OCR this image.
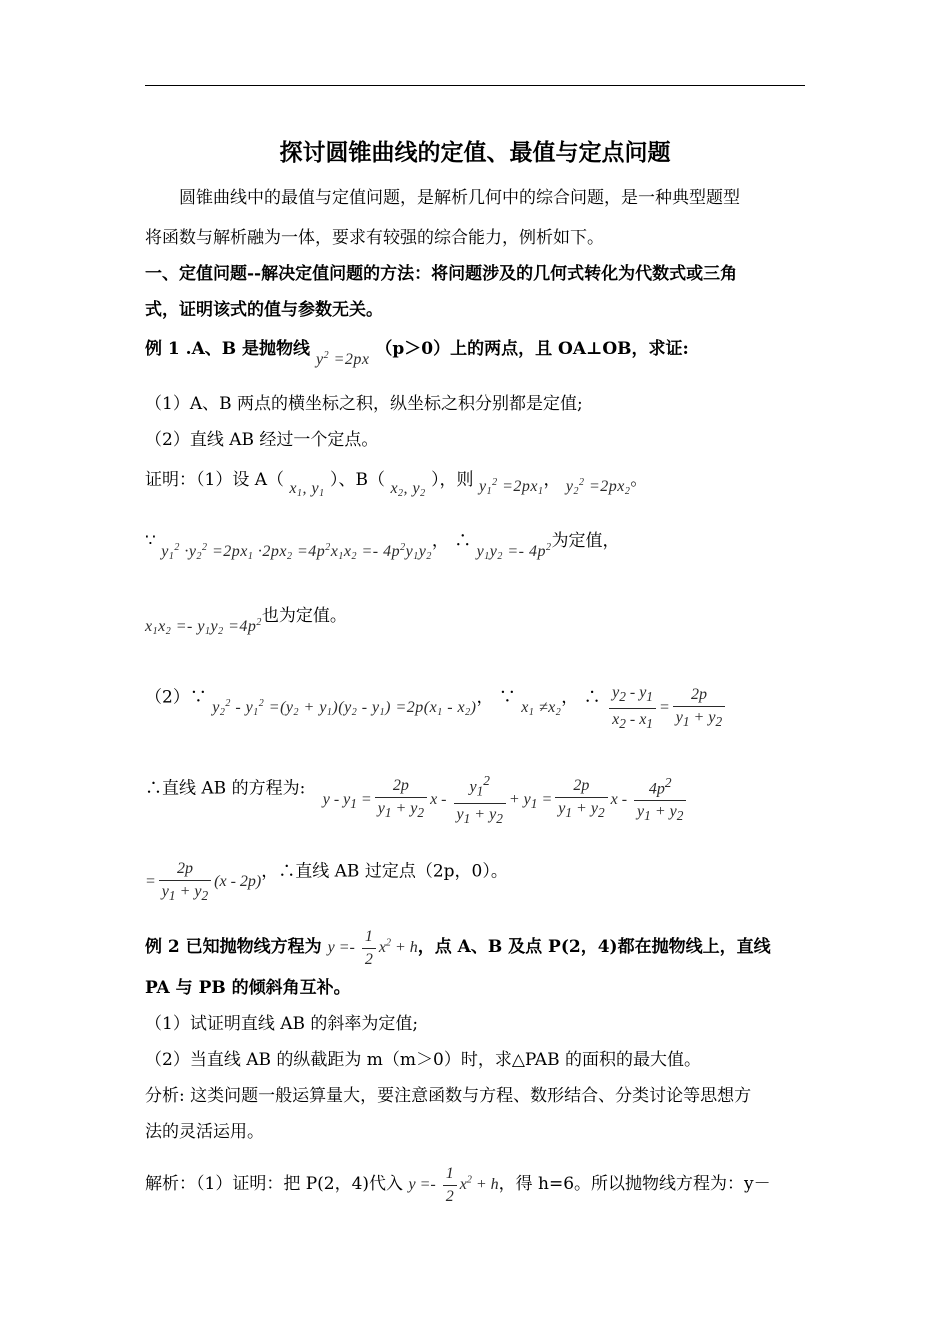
探讨圆锥曲线的定值、最值与定点问题
圆锥曲线中的最值与定值问题，是解析几何中的综合问题，是一种典型题型
将函数与解析融为一体，要求有较强的综合能力，例析如下。
一、定值问题--解决定值问题的方法：将问题涉及的几何式转化为代数式或三角
式，证明该式的值与参数无关。
例 1 .A、B 是抛物线 $y^2 =2px$ （p＞0）上的两点，且 OA⊥OB，求证:
（1）A、B 两点的横坐标之积，纵坐标之积分别都是定值;
（2）直线 AB 经过一个定点。
证明：（1）设 A（ $x_1$, $y_1$ ）、B（ $x_2$, $y_2$ ），则 $y_1^2 =2px_1$， $y_2^2 =2px_2$。
∵ $y_1^2 \cdot y_2^2 =2px_1 \cdot 2px_2 =4p^2x_1x_2 =- 4p^2y_1y_2$， ∴ $y_1y_2 =- 4p^2$为定值，
$x_1x_2 =- y_1y_2 =4p^2$也为定值。
（2）∵ $y_2^2 - y_1^2 =(y_2 + y_1)(y_2 - y_1) =2p(x_1 - x_2)$， ∵ $x_1 \ne x_2$， ∴ $\frac{y_2 - y_1}{x_2 - x_1} = \frac{2p}{y_1 + y_2}$
∴直线 AB 的方程为: $y - y_1 = \frac{2p}{y_1 + y_2}$ $x - \frac{y_1^2}{y_1 + y_2} + y_1 = \frac{2p}{y_1 + y_2}$ x - $\frac{4p^2}{y_1 + y_2}$
= $\frac{2p}{y_1 + y_2} (x - 2p)$，∴直线 AB 过定点（2p，0）。
例 2 已知抛物线方程为 $y =- \frac{1}{2} x^2 + h$，点 A、B 及点 P(2，4)都在抛物线上，直线
PA 与 PB 的倾斜角互补。
（1）试证明直线 AB 的斜率为定值;
（2）当直线 AB 的纵截距为 m（m＞0）时，求△PAB 的面积的最大值。
分析: 这类问题一般运算量大，要注意函数与方程、数形结合、分类讨论等思想方
法的灵活运用。
解析：（1）证明：把 P(2，4)代入 $y =- \frac{1}{2} x^2 + h$，得 h=6。所以抛物线方程为：y－
